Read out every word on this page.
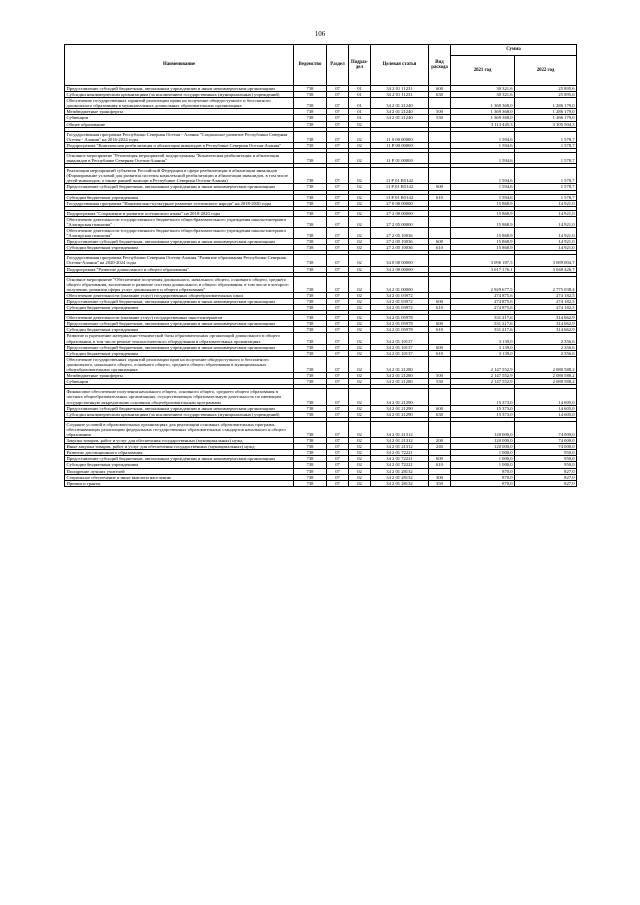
106
Наименование	Ведомство	Раздел	Подраз- дел	Целевая статья	Вид расхода	Сумма	
						2021 год	2022 год
Предоставление субсидий бюджетным, автономным учреждениям и иным некоммерческим организациям	738	07	01	34 2 01 11231	600	30 321,6	25 895,6
Субсидии некоммерческим организациям (за исключением государственных (муниципальных) учреждений)	738	07	01	34 2 01 11231	630	30 321,6	25 895,6
Обеспечение государственных гарантий реализации права на получение общедоступного и бесплатного дошкольного образования в муниципальных дошкольных образовательных организациях	738	07	01	34 2 01 21240		1 369 368,0	1 286 179,0
Межбюджетные трансферты	738	07	01	34 2 01 21240	500	1 369 368,0	1 286 179,0
Субвенции	738	07	01	34 2 01 21240	530	1 369 368,0	1 286 179,0
Общее образование	738	07	02			3 113 445,3	3 105 504,3

Государственная программа Республики Северная Осетия - Алания "Социальное развитие Республики Северная Осетия - Алания" на 2016-2024 годы	738	07	02	11 0 00 00000		1 594,6	1 578,7
Подпрограмма "Комплексная реабилитация и абилитация инвалидов в Республике Северная Осетия-Алания"	738	07	02	11 Р 00 00000		1 594,6	1 578,7

Основное мероприятие "Реализация мероприятий подпрограммы "Комплексная реабилитация и абилитация инвалидов в Республике Северная Осетия-Алания"	738	07	02	11 Р 01 00000		1 594,6	1 578,7

Реализация мероприятий субъектов Российской Федерации в сфере реабилитации и абилитации инвалидов (Формирование условий для развития системы комплексной реабилитации и абилитации инвалидов, в том числе детей-инвалидов, а также ранней помощи в Республике Северная Осетия-Алания)	738	07	02	11 Р 01 R5142		1 594,6	1 578,7
Предоставление субсидий бюджетным, автономным учреждениям и иным некоммерческим организациям	738	07	02	11 Р 01 R5142	600	1 594,6	1 578,7

Субсидии бюджетным учреждениям	738	07	02	11 Р 01 R5142	610	1 594,6	1 578,7
Государственная программа "Национально-культурное развитие осетинского народа" на 2018-2020 годы	738	07	02	27 0 00 00000		15 868,9	14 921,0

Подпрограмма "Сохранение и развитие осетинского языка" на 2018-2020 годы	738	07	02	27 2 00 00000		15 868,9	14 921,0
Обеспечение деятельности государственного бюджетного общеобразовательного учреждения школы-интерната "Алагирская гимназия"	738	07	02	27 2 05 00000		15 868,9	14 921,0
Обеспечение деятельности государственного бюджетного общеобразовательного учреждения школы-интерната "Алагирская гимназия"	738	07	02	27 2 05 10036		15 868,9	14 921,0
Предоставление субсидий бюджетным, автономным учреждениям и иным некоммерческим организациям	738	07	02	27 2 05 10036	600	15 868,9	14 921,0
Субсидии бюджетным учреждениям	738	07	02	27 2 05 10036	610	15 868,9	14 921,0

Государственная программа Республики Северная Осетия-Алания "Развитие образования Республики Северная Осетия-Алания" на 2020-2024 годы	738	07	02	34 0 00 00000		3 096 187,5	3 089 004,7
Подпрограмма "Развитие дошкольного и общего образования"	738	07	02	34 2 00 00000		3 017 176,1	3 048 426,7

Основное мероприятие "Обеспечение получения дошкольного, начального общего, основного общего, среднего общего образования, воспитание и развитие системы дошкольного и общего образования, в том числе в которого получение, развития сферы услуг дошкольного и общего образования"	738	07	02	34 2 01 00000		2 929 677,5	2 775 038,4
Обеспечение деятельности (оказание услуг) государственных общеобразовательных школ	738	07	02	34 2 01 03972		274 875,6	274 182,5
Предоставление субсидий бюджетным, автономным учреждениям и иным некоммерческим организациям	738	07	02	34 2 01 03972	600	274 875,6	274 182,5
Субсидии бюджетным учреждениям	738	07	02	34 2 01 03972	610	274 875,6	274 182,5

Обеспечение деятельности (оказание услуг) государственных школ-интернатов	738	07	02	34 2 01 05978		331 217,6	314 662,9
Предоставление субсидий бюджетным, автономным учреждениям и иным некоммерческим организациям	738	07	02	34 2 01 05978	600	331 217,6	314 662,9
Субсидии бюджетным учреждениям	738	07	02	34 2 01 05978	610	331 217,6	314 662,9
Развитие и укрепление материально-технической базы образовательных организаций дошкольного и общего образования, в том числе ремонт технологического оборудования в образовательных организациях	738	07	02	34 2 01 10137		3 139,0	2 356,6
Предоставление субсидий бюджетным, автономным учреждениям и иным некоммерческим организациям	738	07	02	34 2 01 10137	600	3 139,0	2 356,6
Субсидии бюджетным учреждениям	738	07	02	34 2 01 10137	610	3 139,0	2 356,6
Обеспечение государственных гарантий реализации прав на получение общедоступного и бесплатного дошкольного, начального общего, основного общего, среднего общего образования в муниципальных общеобразовательных организациях	738	07	02	34 2 01 21280		2 147 552,9	2 080 588,2
Межбюджетные трансферты	738	07	02	34 2 01 21280	500	2 147 552,9	2 080 588,2
Субвенции	738	07	02	34 2 01 21280	530	2 147 552,9	2 080 588,2

Финансовое обеспечение получения начального общего, основного общего, среднего общего образования в частных общеобразовательных организациях, осуществляющих образовательную деятельность по имеющим государственную аккредитацию основным общеобразовательным программам	738	07	02	34 2 01 21290		15 373,0	14 605,0
Предоставление субсидий бюджетным, автономным учреждениям и иным некоммерческим организациям	738	07	02	34 2 01 21290	600	15 373,0	14 605,0
Субсидии некоммерческим организациям (за исключением государственных (муниципальных) учреждений)	738	07	02	34 2 01 21290	630	15 373,0	14 605,0

Создание условий в образовательных организациях для реализации основных образовательных программ, обеспечивающих реализацию федеральных государственных образовательных стандартов начального и общего образования	738	07	02	34 2 01 21312		120 000,0	74 000,0
Закупка товаров, работ и услуг для обеспечения государственных (муниципальных) нужд	738	07	02	34 2 01 21312	200	120 000,0	74 000,0
Иные закупки товаров, работ и услуг для обеспечения государственных (муниципальных) нужд	738	07	02	34 2 01 21312	240	120 000,0	74 000,0
Развитие дистанционного образования	738	07	02	34 2 01 72221		1 000,0	950,0
Предоставление субсидий бюджетным, автономным учреждениям и иным некоммерческим организациям	738	07	02	34 2 01 72221	600	1 000,0	950,0
Субсидии бюджетным учреждениям	738	07	02	34 2 01 72221	610	1 000,0	950,0
Поощрение лучших учителей	738	07	02	34 2 01 28132		870,0	827,0
Социальное обеспечение и иные выплаты населению	738	07	02	34 2 01 28132	300	870,0	827,0
Премии и гранты	738	07	02	34 2 01 28132	350	870,0	827,0
